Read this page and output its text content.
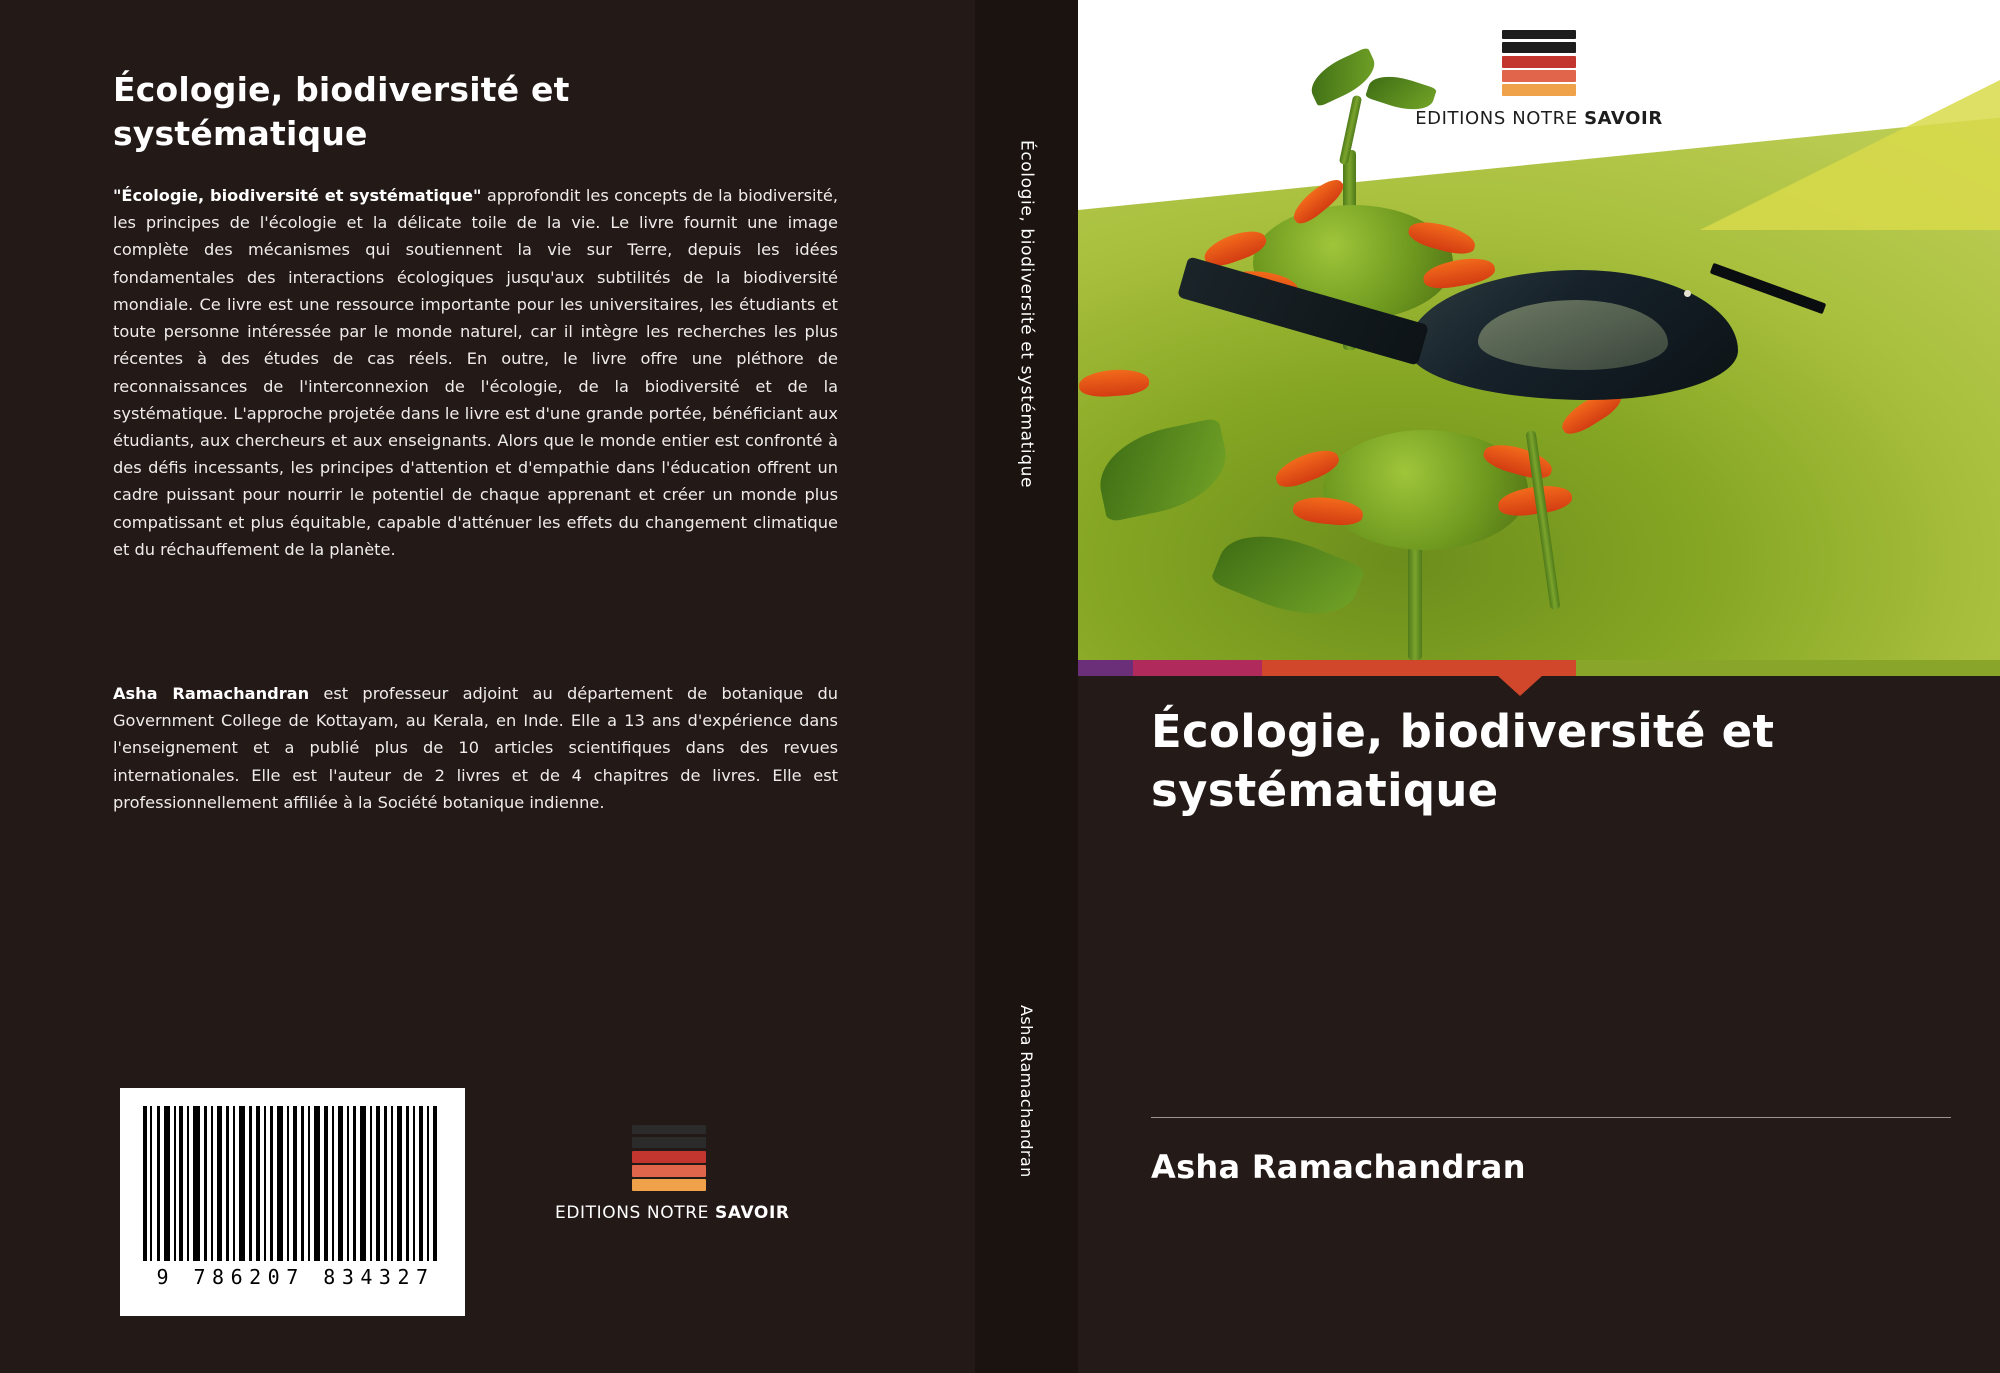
Écologie, biodiversité et systématique
"Écologie, biodiversité et systématique" approfondit les concepts de la biodiversité, les principes de l'écologie et la délicate toile de la vie. Le livre fournit une image complète des mécanismes qui soutiennent la vie sur Terre, depuis les idées fondamentales des interactions écologiques jusqu'aux subtilités de la biodiversité mondiale. Ce livre est une ressource importante pour les universitaires, les étudiants et toute personne intéressée par le monde naturel, car il intègre les recherches les plus récentes à des études de cas réels. En outre, le livre offre une pléthore de reconnaissances de l'interconnexion de l'écologie, de la biodiversité et de la systématique. L'approche projetée dans le livre est d'une grande portée, bénéficiant aux étudiants, aux chercheurs et aux enseignants. Alors que le monde entier est confronté à des défis incessants, les principes d'attention et d'empathie dans l'éducation offrent un cadre puissant pour nourrir le potentiel de chaque apprenant et créer un monde plus compatissant et plus équitable, capable d'atténuer les effets du changement climatique et du réchauffement de la planète.
Asha Ramachandran est professeur adjoint au département de botanique du Government College de Kottayam, au Kerala, en Inde. Elle a 13 ans d'expérience dans l'enseignement et a publié plus de 10 articles scientifiques dans des revues internationales. Elle est l'auteur de 2 livres et de 4 chapitres de livres. Elle est professionnellement affiliée à la Société botanique indienne.
9 786207 834327
EDITIONS NOTRE SAVOIR
Écologie, biodiversité et systématique
Asha Ramachandran
EDITIONS NOTRE SAVOIR
Écologie, biodiversité et systématique
Asha Ramachandran
